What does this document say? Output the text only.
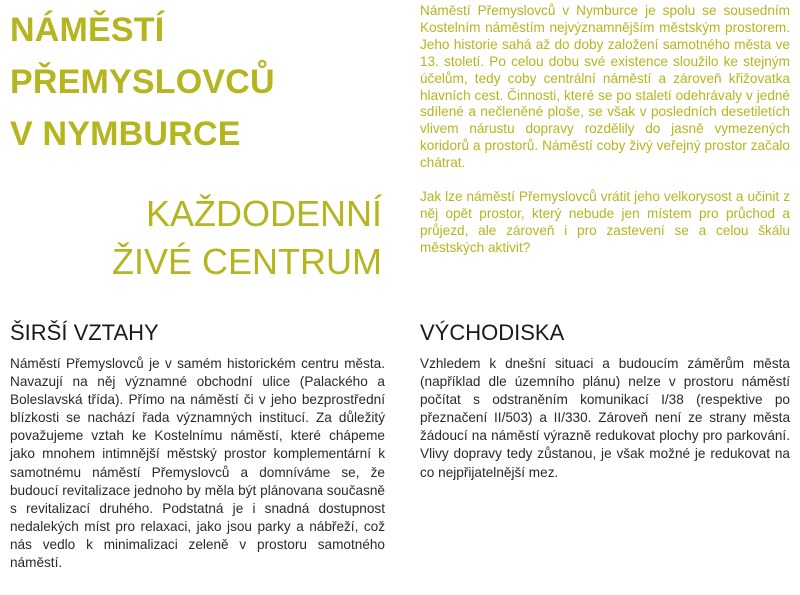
NÁMĚSTÍ
PŘEMYSLOVCŮ
V NYMBURCE
KAŽDODENNÍ
ŽIVÉ CENTRUM

Náměstí Přemyslovců v Nymburce je spolu se sousedním Kostelním náměstím nejvýznamnějším městským prostorem. Jeho historie sahá až do doby založení samotného města ve 13. století. Po celou dobu své existence sloužilo ke stejným účelům, tedy coby centrální náměstí a zároveň křižovatka hlavních cest. Činnosti, které se po staletí odehrávaly v jedné sdílené a nečleněné ploše, se však v posledních desetiletích vlivem nárustu dopravy rozdělily do jasně vymezených koridorů a prostorů. Náměstí coby živý veřejný prostor začalo chátrat.

Jak lze náměstí Přemyslovců vrátit jeho velkorysost a učinit z něj opět prostor, který nebude jen místem pro průchod a průjezd, ale zároveň i pro zastevení se a celou škálu městských aktivit?

ŠIRŠÍ VZTAHY

Náměstí Přemyslovců je v samém historickém centru města. Navazují na něj významné obchodní ulice (Palackého a Boleslavská třída). Přímo na náměstí či v jeho bezprostřední blízkosti se nachází řada významných institucí. Za důležitý považujeme vztah ke Kostelnímu náměstí, které chápeme jako mnohem intimnější městský prostor komplementární k samotnému náměstí Přemyslovců a domníváme se, že budoucí revitalizace jednoho by měla být plánovana současně s revitalizací druhého. Podstatná je i snadná dostupnost nedalekých míst pro relaxaci, jako jsou parky a nábřeží, což nás vedlo k minimalizaci zeleně v prostoru samotného náměstí.

VÝCHODISKA

Vzhledem k dnešní situaci a budoucím záměrům města (například dle územního plánu) nelze v prostoru náměstí počítat s odstraněním komunikací I/38 (respektive po přeznačení II/503) a II/330. Zároveň není ze strany města žádoucí na náměstí výrazně redukovat plochy pro parkování. Vlivy dopravy tedy zůstanou, je však možné je redukovat na co nejpřijatelnější mez.
